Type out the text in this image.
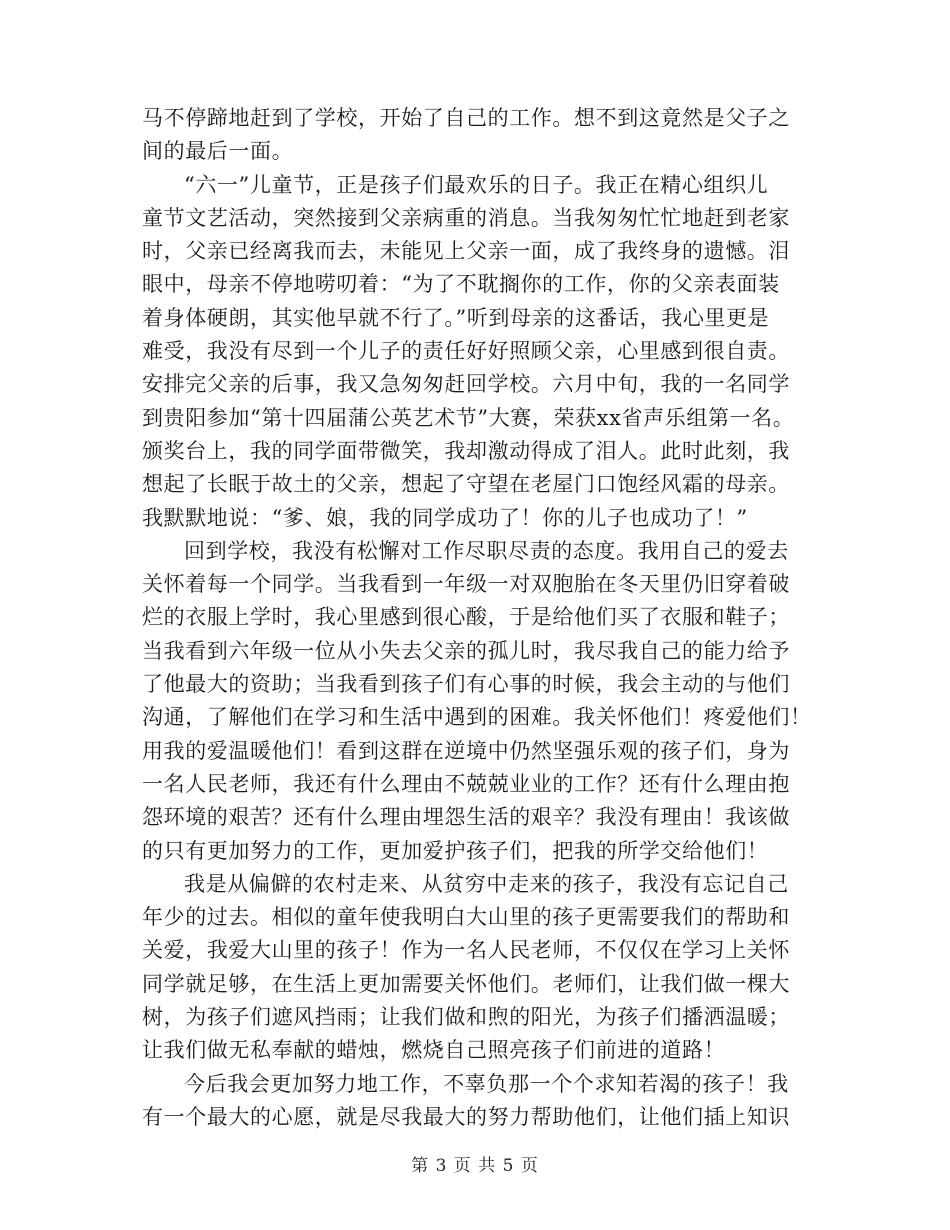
马不停蹄地赶到了学校，开始了自己的工作。想不到这竟然是父子之
间的最后一面。
“六一”儿童节，正是孩子们最欢乐的日子。我正在精心组织儿
童节文艺活动，突然接到父亲病重的消息。当我匆匆忙忙地赶到老家
时，父亲已经离我而去，未能见上父亲一面，成了我终身的遗憾。泪
眼中，母亲不停地唠叨着：“为了不耽搁你的工作，你的父亲表面装
着身体硬朗，其实他早就不行了。”听到母亲的这番话，我心里更是
难受，我没有尽到一个儿子的责任好好照顾父亲，心里感到很自责。
安排完父亲的后事，我又急匆匆赶回学校。六月中旬，我的一名同学
到贵阳参加“第十四届蒲公英艺术节”大赛，荣获xx省声乐组第一名。
颁奖台上，我的同学面带微笑，我却激动得成了泪人。此时此刻，我
想起了长眠于故土的父亲，想起了守望在老屋门口饱经风霜的母亲。
我默默地说：“爹、娘，我的同学成功了！你的儿子也成功了！”
回到学校，我没有松懈对工作尽职尽责的态度。我用自己的爱去
关怀着每一个同学。当我看到一年级一对双胞胎在冬天里仍旧穿着破
烂的衣服上学时，我心里感到很心酸，于是给他们买了衣服和鞋子；
当我看到六年级一位从小失去父亲的孤儿时，我尽我自己的能力给予
了他最大的资助；当我看到孩子们有心事的时候，我会主动的与他们
沟通，了解他们在学习和生活中遇到的困难。我关怀他们！疼爱他们！
用我的爱温暖他们！看到这群在逆境中仍然坚强乐观的孩子们，身为
一名人民老师，我还有什么理由不兢兢业业的工作？还有什么理由抱
怨环境的艰苦？还有什么理由埋怨生活的艰辛？我没有理由！我该做
的只有更加努力的工作，更加爱护孩子们，把我的所学交给他们！
我是从偏僻的农村走来、从贫穷中走来的孩子，我没有忘记自己
年少的过去。相似的童年使我明白大山里的孩子更需要我们的帮助和
关爱，我爱大山里的孩子！作为一名人民老师，不仅仅在学习上关怀
同学就足够，在生活上更加需要关怀他们。老师们，让我们做一棵大
树，为孩子们遮风挡雨；让我们做和煦的阳光，为孩子们播洒温暖；
让我们做无私奉献的蜡烛，燃烧自己照亮孩子们前进的道路！
今后我会更加努力地工作，不辜负那一个个求知若渴的孩子！我
有一个最大的心愿，就是尽我最大的努力帮助他们，让他们插上知识
第 3 页 共 5 页
